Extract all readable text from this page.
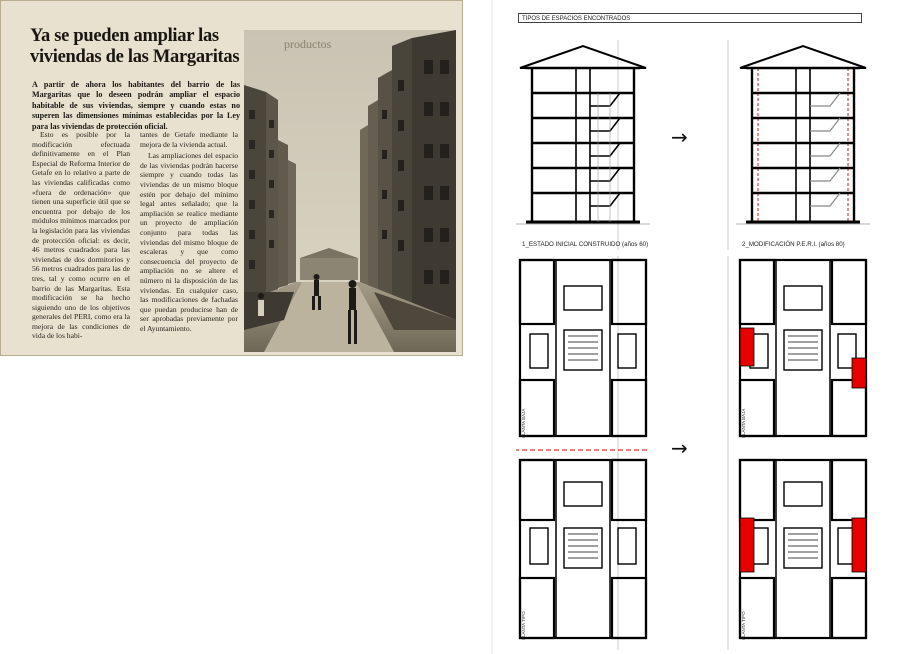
Ya se pueden ampliar las viviendas de las Margaritas

A partir de ahora los habitantes del barrio de las Margaritas que lo deseen podrán ampliar el espacio habitable de sus viviendas, siempre y cuando estas no superen las dimensiones mínimas establecidas por la Ley para las viviendas de protección oficial.

Esto es posible por la modificación efectuada definitivamente en el Plan Especial de Reforma Interior de Getafe en lo relativo a parte de las viviendas calificadas como «fuera de ordenación» que tienen una superficie útil que se encuentra por debajo de los módulos mínimos marcados por la legislación para las viviendas de protección oficial: es decir, 46 metros cuadrados para las viviendas de dos dormitorios y 56 metros cuadrados para las de tres, tal y como ocurre en el barrio de las Margaritas. Esta modificación se ha hecho siguiendo uno de los objetivos generales del PERI, como era la mejora de las condiciones de vida de los habi-

tantes de Getafe mediante la mejora de la vivienda actual.
Las ampliaciones del espacio de las viviendas podrán hacerse siempre y cuando todas las viviendas de un mismo bloque estén por debajo del mínimo legal antes señalado; que la ampliación se realice mediante un proyecto de ampliación conjunto para todas las viviendas del mismo bloque de escaleras y que como consecuencia del proyecto de ampliación no se altere el número ni la disposición de las viviendas. En cualquier caso, las modificaciones de fachadas que puedan producirse han de ser aprobadas previamente por el Ayuntamiento.
productos
TIPOS DE ESPACIOS ENCONTRADOS
→
1_ESTADO INICIAL CONSTRUIDO (años 60)	2_MODIFICACIÓN P.E.R.I. (años 80)
→
PLANTA BAJA
PLANTA TIPO
PLANTA BAJA
PLANTA TIPO
